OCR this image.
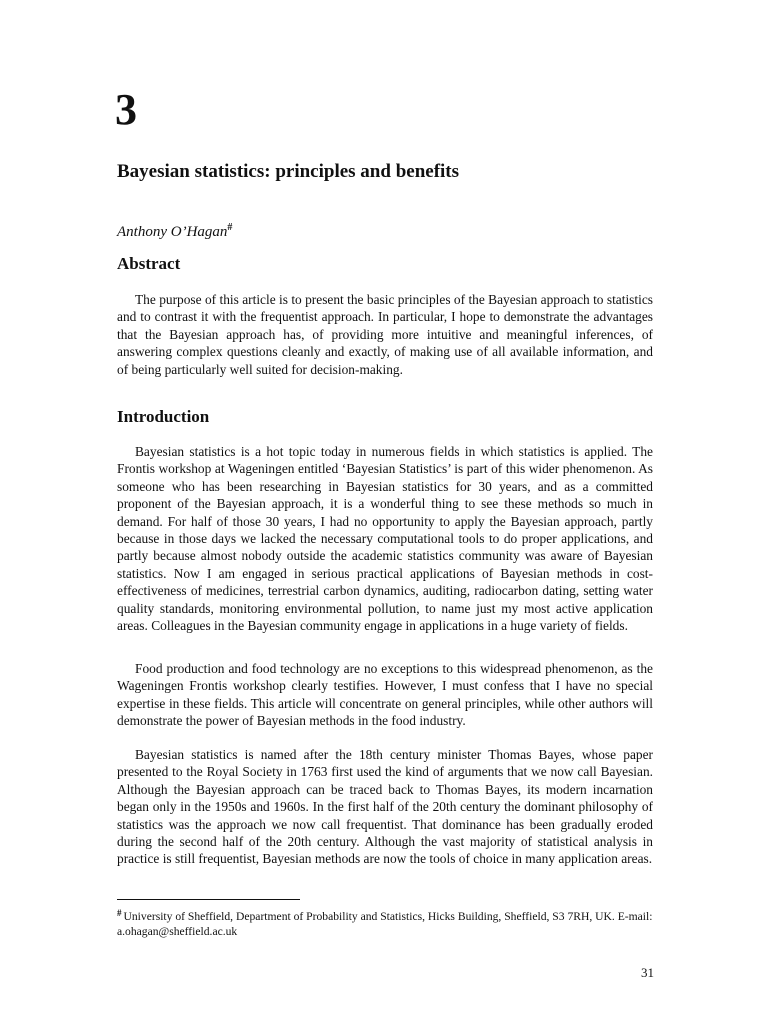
3
Bayesian statistics: principles and benefits
Anthony O’Hagan#
Abstract

The purpose of this article is to present the basic principles of the Bayesian approach to statistics and to contrast it with the frequentist approach. In particular, I hope to demonstrate the advantages that the Bayesian approach has, of providing more intuitive and meaningful inferences, of answering complex questions cleanly and exactly, of making use of all available information, and of being particularly well suited for decision-making.

Introduction

Bayesian statistics is a hot topic today in numerous fields in which statistics is applied. The Frontis workshop at Wageningen entitled ‘Bayesian Statistics’ is part of this wider phenomenon. As someone who has been researching in Bayesian statistics for 30 years, and as a committed proponent of the Bayesian approach, it is a wonderful thing to see these methods so much in demand. For half of those 30 years, I had no opportunity to apply the Bayesian approach, partly because in those days we lacked the necessary computational tools to do proper applications, and partly because almost nobody outside the academic statistics community was aware of Bayesian statistics. Now I am engaged in serious practical applications of Bayesian methods in cost-effectiveness of medicines, terrestrial carbon dynamics, auditing, radiocarbon dating, setting water quality standards, monitoring environmental pollution, to name just my most active application areas. Colleagues in the Bayesian community engage in applications in a huge variety of fields.

Food production and food technology are no exceptions to this widespread phenomenon, as the Wageningen Frontis workshop clearly testifies. However, I must confess that I have no special expertise in these fields. This article will concentrate on general principles, while other authors will demonstrate the power of Bayesian methods in the food industry.

Bayesian statistics is named after the 18th century minister Thomas Bayes, whose paper presented to the Royal Society in 1763 first used the kind of arguments that we now call Bayesian. Although the Bayesian approach can be traced back to Thomas Bayes, its modern incarnation began only in the 1950s and 1960s. In the first half of the 20th century the dominant philosophy of statistics was the approach we now call frequentist. That dominance has been gradually eroded during the second half of the 20th century. Although the vast majority of statistical analysis in practice is still frequentist, Bayesian methods are now the tools of choice in many application areas.

# University of Sheffield, Department of Probability and Statistics, Hicks Building, Sheffield, S3 7RH, UK. E-mail: a.ohagan@sheffield.ac.uk

31
